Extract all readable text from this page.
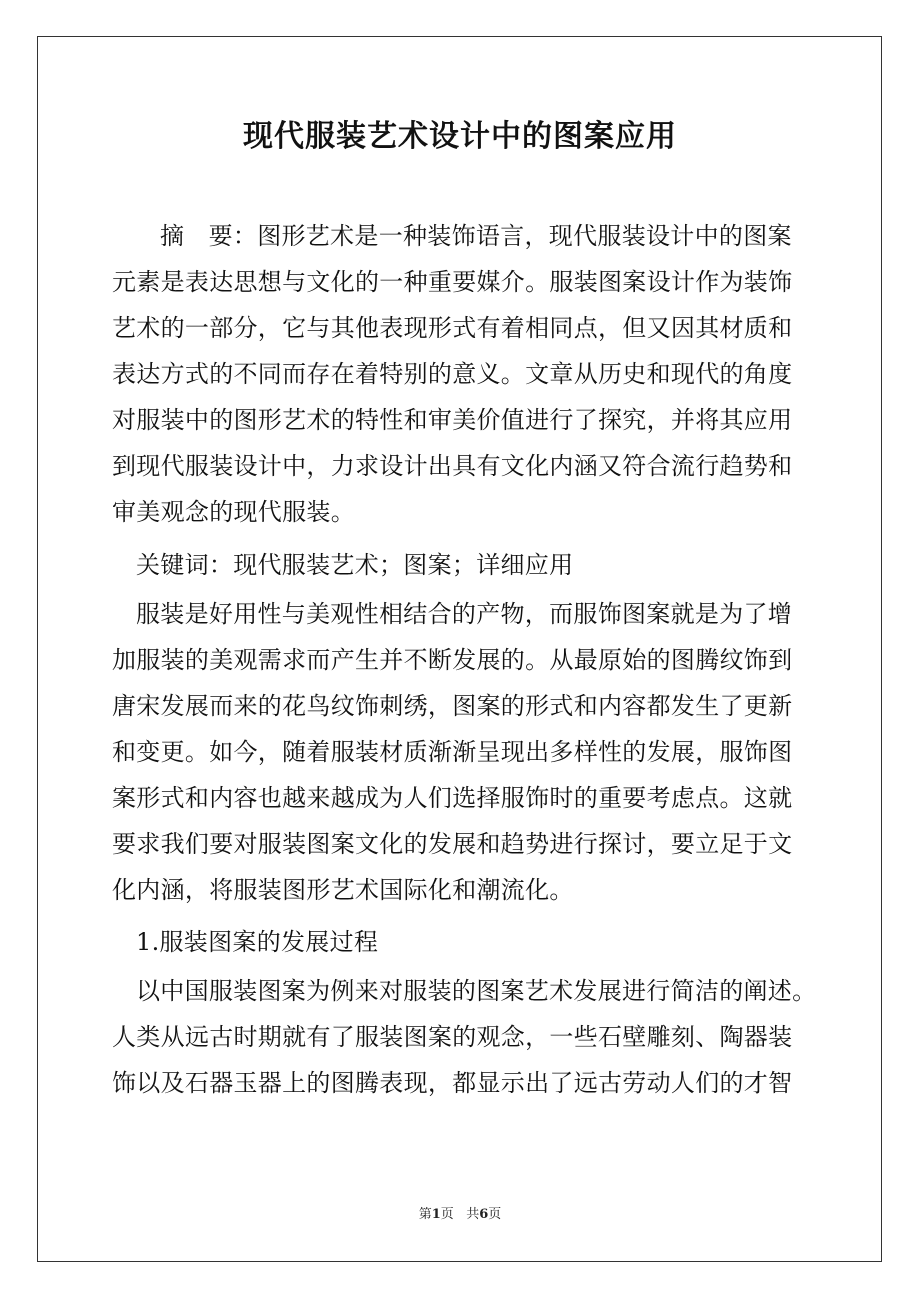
现代服装艺术设计中的图案应用
摘　要：图形艺术是一种装饰语言，现代服装设计中的图案
元素是表达思想与文化的一种重要媒介。服装图案设计作为装饰
艺术的一部分，它与其他表现形式有着相同点，但又因其材质和
表达方式的不同而存在着特别的意义。文章从历史和现代的角度
对服装中的图形艺术的特性和审美价值进行了探究，并将其应用
到现代服装设计中，力求设计出具有文化内涵又符合流行趋势和
审美观念的现代服装。
关键词：现代服装艺术；图案；详细应用
服装是好用性与美观性相结合的产物，而服饰图案就是为了增
加服装的美观需求而产生并不断发展的。从最原始的图腾纹饰到
唐宋发展而来的花鸟纹饰刺绣，图案的形式和内容都发生了更新
和变更。如今，随着服装材质渐渐呈现出多样性的发展，服饰图
案形式和内容也越来越成为人们选择服饰时的重要考虑点。这就
要求我们要对服装图案文化的发展和趋势进行探讨，要立足于文
化内涵，将服装图形艺术国际化和潮流化。
1.服装图案的发展过程
以中国服装图案为例来对服装的图案艺术发展进行简洁的阐述。
人类从远古时期就有了服装图案的观念，一些石壁雕刻、陶器装
饰以及石器玉器上的图腾表现，都显示出了远古劳动人们的才智
第1页 共6页
